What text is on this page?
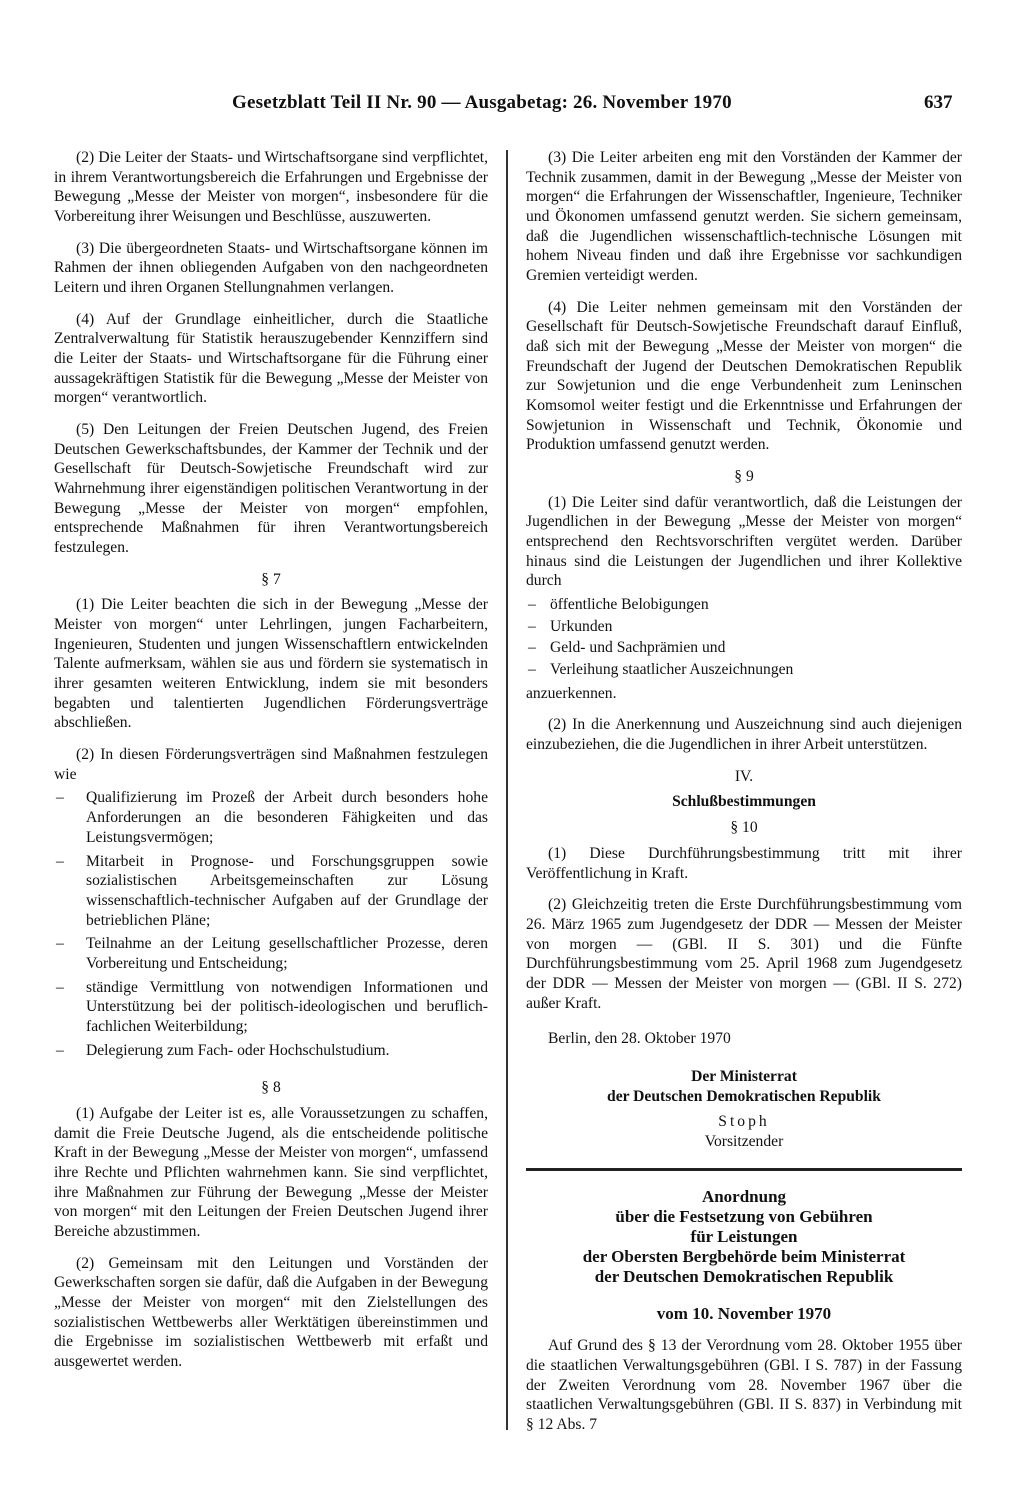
Gesetzblatt Teil II Nr. 90 — Ausgabetag: 26. November 1970	637

(2) Die Leiter der Staats- und Wirtschaftsorgane sind verpflichtet, in ihrem Verantwortungsbereich die Erfahrungen und Ergebnisse der Bewegung „Messe der Meister von morgen“, insbesondere für die Vorbereitung ihrer Weisungen und Beschlüsse, auszuwerten.

(3) Die übergeordneten Staats- und Wirtschaftsorgane können im Rahmen der ihnen obliegenden Aufgaben von den nachgeordneten Leitern und ihren Organen Stellungnahmen verlangen.

(4) Auf der Grundlage einheitlicher, durch die Staatliche Zentralverwaltung für Statistik herauszugebender Kennziffern sind die Leiter der Staats- und Wirtschaftsorgane für die Führung einer aussagekräftigen Statistik für die Bewegung „Messe der Meister von morgen“ verantwortlich.

(5) Den Leitungen der Freien Deutschen Jugend, des Freien Deutschen Gewerkschaftsbundes, der Kammer der Technik und der Gesellschaft für Deutsch-Sowjetische Freundschaft wird zur Wahrnehmung ihrer eigenständigen politischen Verantwortung in der Bewegung „Messe der Meister von morgen“ empfohlen, entsprechende Maßnahmen für ihren Verantwortungsbereich festzulegen.

§ 7

(1) Die Leiter beachten die sich in der Bewegung „Messe der Meister von morgen“ unter Lehrlingen, jungen Facharbeitern, Ingenieuren, Studenten und jungen Wissenschaftlern entwickelnden Talente aufmerksam, wählen sie aus und fördern sie systematisch in ihrer gesamten weiteren Entwicklung, indem sie mit besonders begabten und talentierten Jugendlichen Förderungsverträge abschließen.

(2) In diesen Förderungsverträgen sind Maßnahmen festzulegen wie

– Qualifizierung im Prozeß der Arbeit durch besonders hohe Anforderungen an die besonderen Fähigkeiten und das Leistungsvermögen;
– Mitarbeit in Prognose- und Forschungsgruppen sowie sozialistischen Arbeitsgemeinschaften zur Lösung wissenschaftlich-technischer Aufgaben auf der Grundlage der betrieblichen Pläne;
– Teilnahme an der Leitung gesellschaftlicher Prozesse, deren Vorbereitung und Entscheidung;
– ständige Vermittlung von notwendigen Informationen und Unterstützung bei der politisch-ideologischen und beruflich-fachlichen Weiterbildung;
– Delegierung zum Fach- oder Hochschulstudium.
§ 8

(1) Aufgabe der Leiter ist es, alle Voraussetzungen zu schaffen, damit die Freie Deutsche Jugend, als die entscheidende politische Kraft in der Bewegung „Messe der Meister von morgen“, umfassend ihre Rechte und Pflichten wahrnehmen kann. Sie sind verpflichtet, ihre Maßnahmen zur Führung der Bewegung „Messe der Meister von morgen“ mit den Leitungen der Freien Deutschen Jugend ihrer Bereiche abzustimmen.

(2) Gemeinsam mit den Leitungen und Vorständen der Gewerkschaften sorgen sie dafür, daß die Aufgaben in der Bewegung „Messe der Meister von morgen“ mit den Zielstellungen des sozialistischen Wettbewerbs aller Werktätigen übereinstimmen und die Ergebnisse im sozialistischen Wettbewerb mit erfaßt und ausgewertet werden.

(3) Die Leiter arbeiten eng mit den Vorständen der Kammer der Technik zusammen, damit in der Bewegung „Messe der Meister von morgen“ die Erfahrungen der Wissenschaftler, Ingenieure, Techniker und Ökonomen umfassend genutzt werden. Sie sichern gemeinsam, daß die Jugendlichen wissenschaftlich-technische Lösungen mit hohem Niveau finden und daß ihre Ergebnisse vor sachkundigen Gremien verteidigt werden.

(4) Die Leiter nehmen gemeinsam mit den Vorständen der Gesellschaft für Deutsch-Sowjetische Freundschaft darauf Einfluß, daß sich mit der Bewegung „Messe der Meister von morgen“ die Freundschaft der Jugend der Deutschen Demokratischen Republik zur Sowjetunion und die enge Verbundenheit zum Leninschen Komsomol weiter festigt und die Erkenntnisse und Erfahrungen der Sowjetunion in Wissenschaft und Technik, Ökonomie und Produktion umfassend genutzt werden.

§ 9

(1) Die Leiter sind dafür verantwortlich, daß die Leistungen der Jugendlichen in der Bewegung „Messe der Meister von morgen“ entsprechend den Rechtsvorschriften vergütet werden. Darüber hinaus sind die Leistungen der Jugendlichen und ihrer Kollektive durch

– öffentliche Belobigungen
– Urkunden
– Geld- und Sachprämien und
– Verleihung staatlicher Auszeichnungen

anzuerkennen.

(2) In die Anerkennung und Auszeichnung sind auch diejenigen einzubeziehen, die die Jugendlichen in ihrer Arbeit unterstützen.

IV.
Schlußbestimmungen
§ 10

(1) Diese Durchführungsbestimmung tritt mit ihrer Veröffentlichung in Kraft.

(2) Gleichzeitig treten die Erste Durchführungsbestimmung vom 26. März 1965 zum Jugendgesetz der DDR — Messen der Meister von morgen — (GBl. II S. 301) und die Fünfte Durchführungsbestimmung vom 25. April 1968 zum Jugendgesetz der DDR — Messen der Meister von morgen — (GBl. II S. 272) außer Kraft.

Berlin, den 28. Oktober 1970

Der Ministerrat

der Deutschen Demokratischen Republik

Stoph

Vorsitzender

Anordnung
über die Festsetzung von Gebühren
für Leistungen
der Obersten Bergbehörde beim Ministerrat
der Deutschen Demokratischen Republik
vom 10. November 1970

Auf Grund des § 13 der Verordnung vom 28. Oktober 1955 über die staatlichen Verwaltungsgebühren (GBl. I S. 787) in der Fassung der Zweiten Verordnung vom 28. November 1967 über die staatlichen Verwaltungsgebühren (GBl. II S. 837) in Verbindung mit § 12 Abs. 7
